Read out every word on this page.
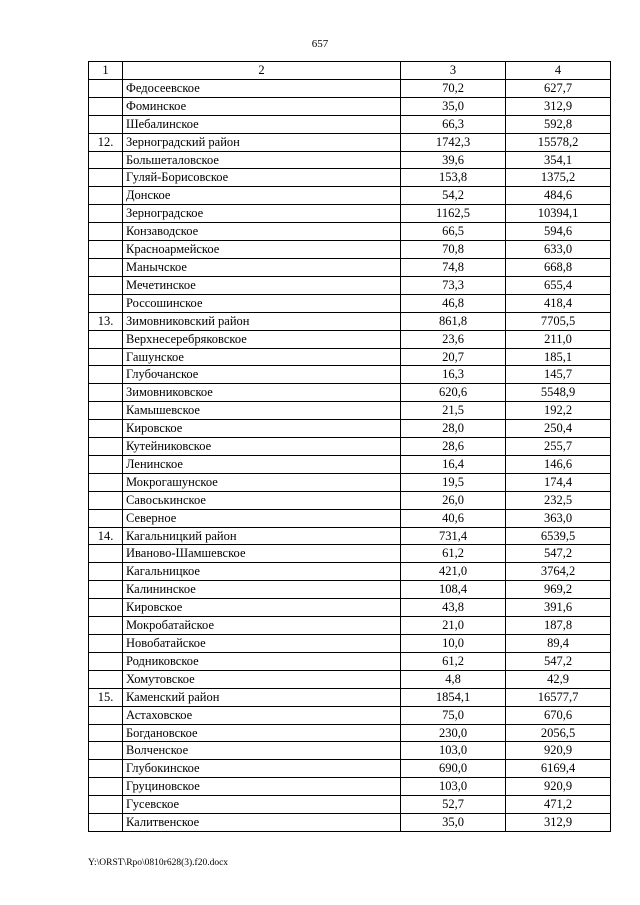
657
1	2	3	4
	Федосеевское	70,2	627,7
	Фоминское	35,0	312,9
	Шебалинское	66,3	592,8
12.	Зерноградский район	1742,3	15578,2
	Большеталовское	39,6	354,1
	Гуляй-Борисовское	153,8	1375,2
	Донское	54,2	484,6
	Зерноградское	1162,5	10394,1
	Конзаводское	66,5	594,6
	Красноармейское	70,8	633,0
	Манычское	74,8	668,8
	Мечетинское	73,3	655,4
	Россошинское	46,8	418,4
13.	Зимовниковский район	861,8	7705,5
	Верхнесеребряковское	23,6	211,0
	Гашунское	20,7	185,1
	Глубочанское	16,3	145,7
	Зимовниковское	620,6	5548,9
	Камышевское	21,5	192,2
	Кировское	28,0	250,4
	Кутейниковское	28,6	255,7
	Ленинское	16,4	146,6
	Мокрогашунское	19,5	174,4
	Савоськинское	26,0	232,5
	Северное	40,6	363,0
14.	Кагальницкий район	731,4	6539,5
	Иваново-Шамшевское	61,2	547,2
	Кагальницкое	421,0	3764,2
	Калининское	108,4	969,2
	Кировское	43,8	391,6
	Мокробатайское	21,0	187,8
	Новобатайское	10,0	89,4
	Родниковское	61,2	547,2
	Хомутовское	4,8	42,9
15.	Каменский район	1854,1	16577,7
	Астаховское	75,0	670,6
	Богдановское	230,0	2056,5
	Волченское	103,0	920,9
	Глубокинское	690,0	6169,4
	Груциновское	103,0	920,9
	Гусевское	52,7	471,2
	Калитвенское	35,0	312,9
Y:\ORST\Rpo\0810r628(3).f20.docx
